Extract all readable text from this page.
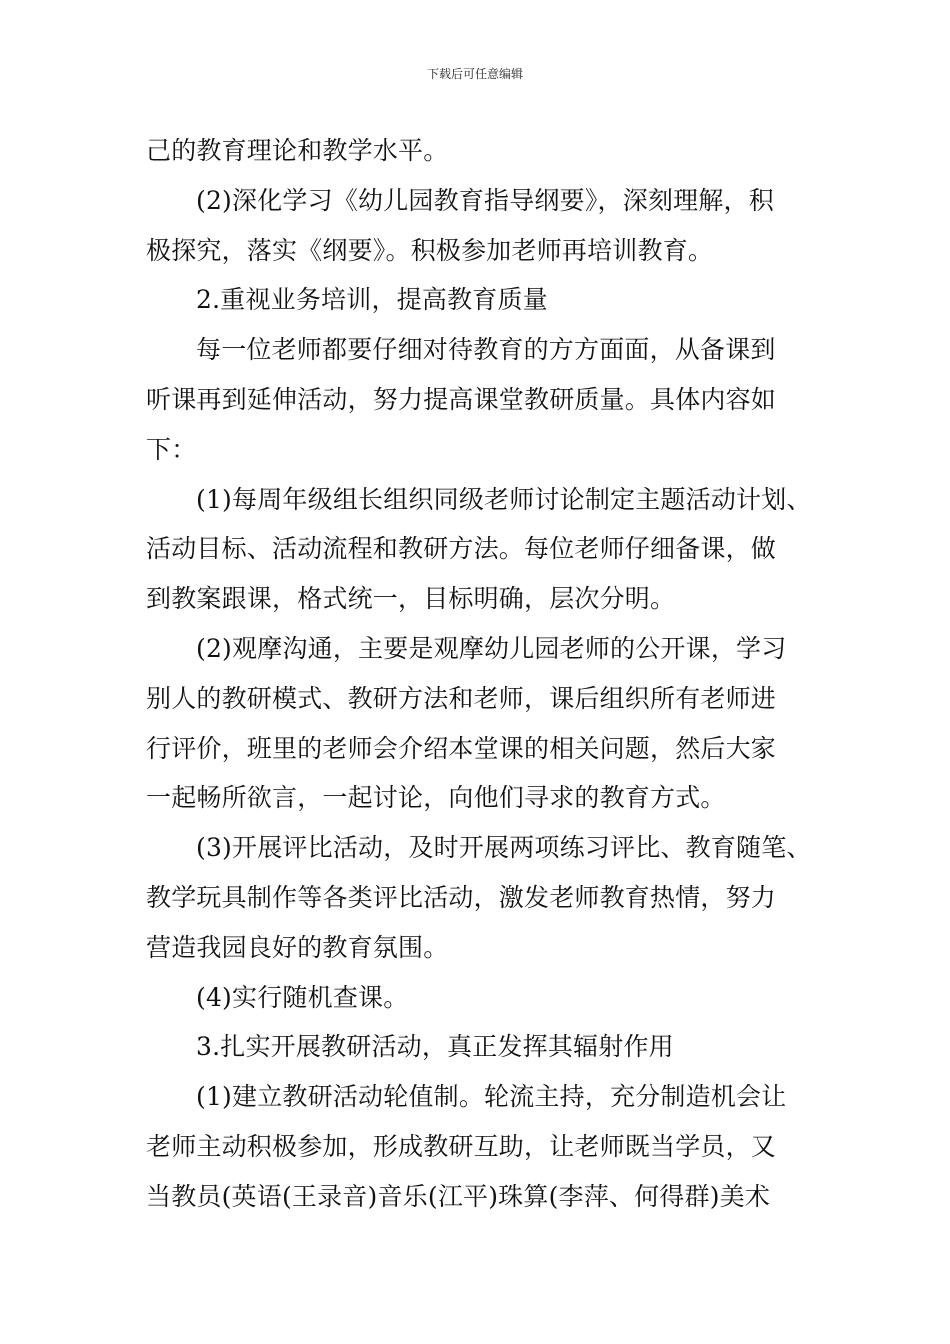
下载后可任意编辑
己的教育理论和教学水平。
(2)深化学习《幼儿园教育指导纲要》，深刻理解，积
极探究，落实《纲要》。积极参加老师再培训教育。
2.重视业务培训，提高教育质量
每一位老师都要仔细对待教育的方方面面，从备课到
听课再到延伸活动，努力提高课堂教研质量。具体内容如
下：
(1)每周年级组长组织同级老师讨论制定主题活动计划、
活动目标、活动流程和教研方法。每位老师仔细备课，做
到教案跟课，格式统一，目标明确，层次分明。
(2)观摩沟通，主要是观摩幼儿园老师的公开课，学习
别人的教研模式、教研方法和老师，课后组织所有老师进
行评价，班里的老师会介绍本堂课的相关问题，然后大家
一起畅所欲言，一起讨论，向他们寻求的教育方式。
(3)开展评比活动，及时开展两项练习评比、教育随笔、
教学玩具制作等各类评比活动，激发老师教育热情，努力
营造我园良好的教育氛围。
(4)实行随机查课。
3.扎实开展教研活动，真正发挥其辐射作用
(1)建立教研活动轮值制。轮流主持，充分制造机会让
老师主动积极参加，形成教研互助，让老师既当学员，又
当教员(英语(王录音)音乐(江平)珠算(李萍、何得群)美术
